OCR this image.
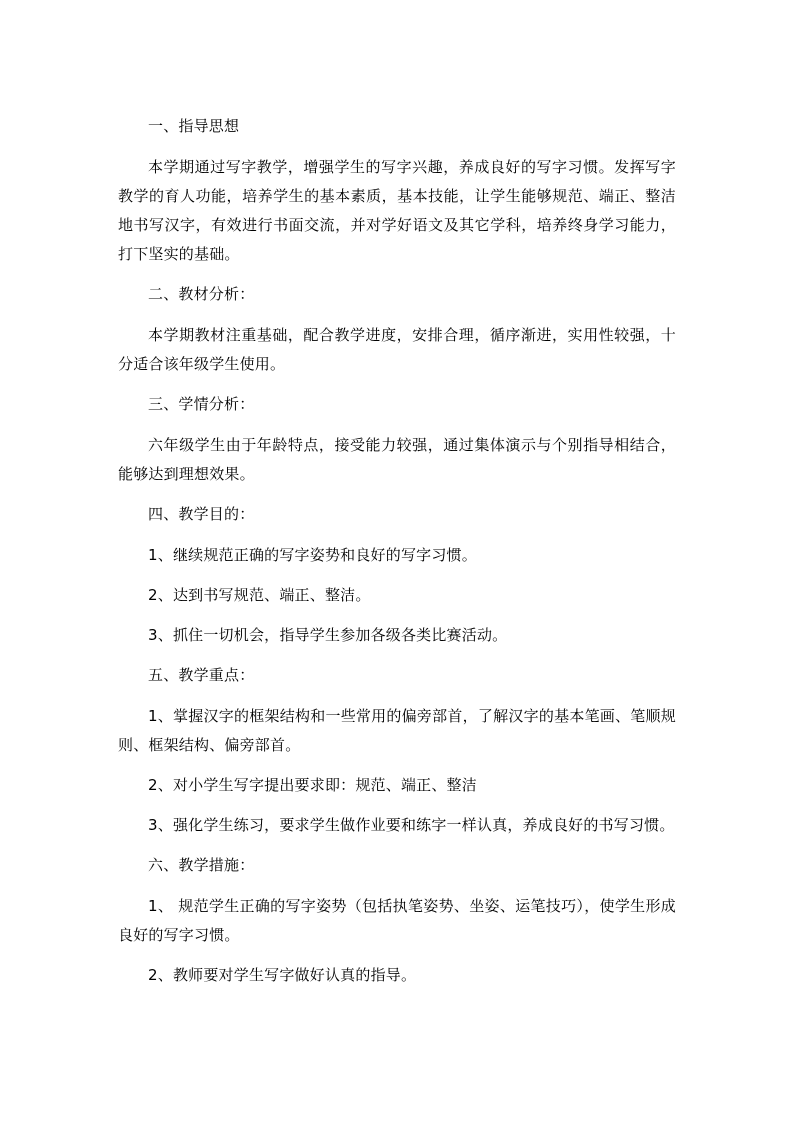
一、指导思想

本学期通过写字教学，增强学生的写字兴趣，养成良好的写字习惯。发挥写字教学的育人功能，培养学生的基本素质，基本技能，让学生能够规范、端正、整洁地书写汉字，有效进行书面交流，并对学好语文及其它学科，培养终身学习能力，打下坚实的基础。

二、教材分析：

本学期教材注重基础，配合教学进度，安排合理，循序渐进，实用性较强，十分适合该年级学生使用。

三、学情分析：

六年级学生由于年龄特点，接受能力较强，通过集体演示与个别指导相结合，能够达到理想效果。

四、教学目的：

1、继续规范正确的写字姿势和良好的写字习惯。

2、达到书写规范、端正、整洁。

3、抓住一切机会，指导学生参加各级各类比赛活动。

五、教学重点：

1、掌握汉字的框架结构和一些常用的偏旁部首，了解汉字的基本笔画、笔顺规则、框架结构、偏旁部首。

2、对小学生写字提出要求即：规范、端正、整洁

3、强化学生练习，要求学生做作业要和练字一样认真，养成良好的书写习惯。

六、教学措施：

1、 规范学生正确的写字姿势（包括执笔姿势、坐姿、运笔技巧），使学生形成良好的写字习惯。

2、教师要对学生写字做好认真的指导。
